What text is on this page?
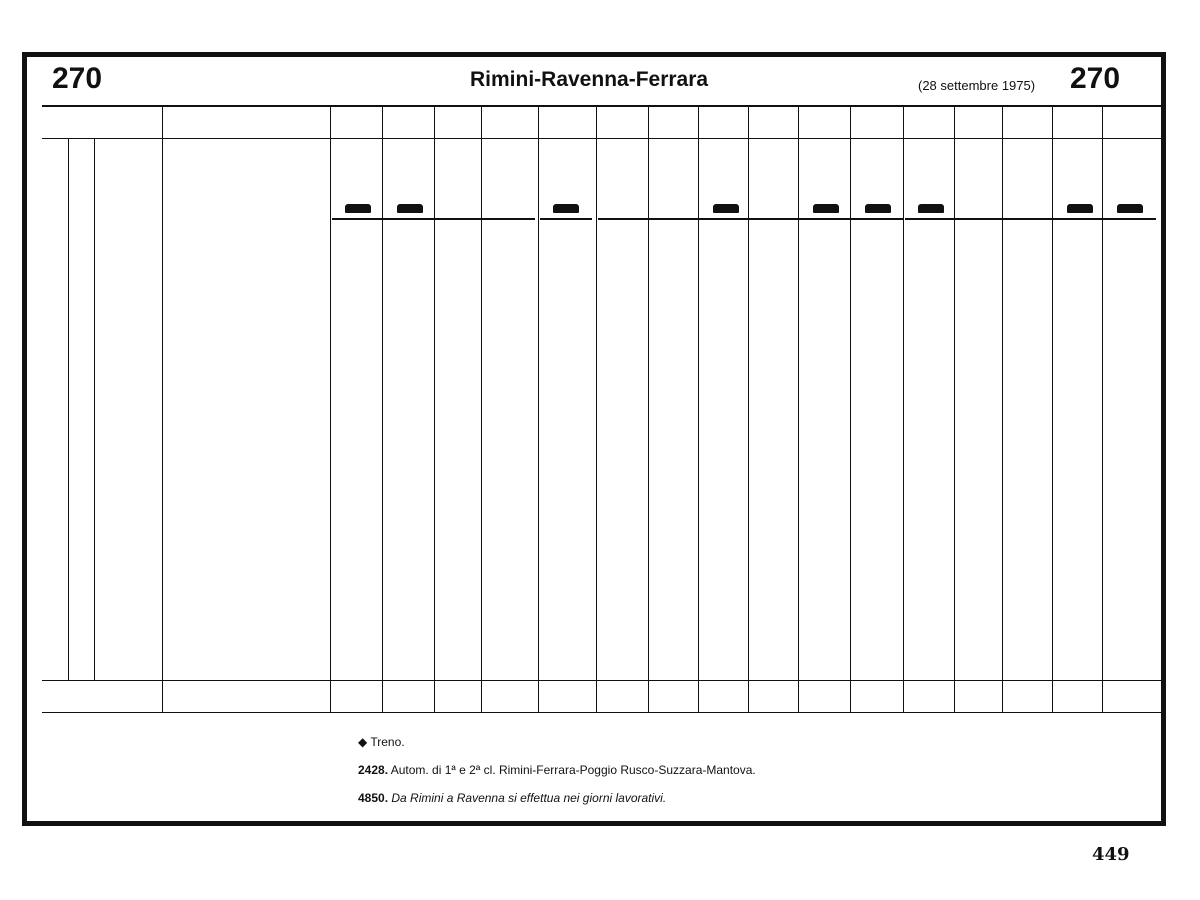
270	Rimini-Ravenna-Ferrara	(28 settembre 1975) 270
◆ Treno.
2428. Autom. di 1ª e 2ª cl. Rimini-Ferrara-Poggio Rusco-Suzzara-Mantova.
4850. Da Rimini a Ravenna si effettua nei giorni lavorativi.
449
